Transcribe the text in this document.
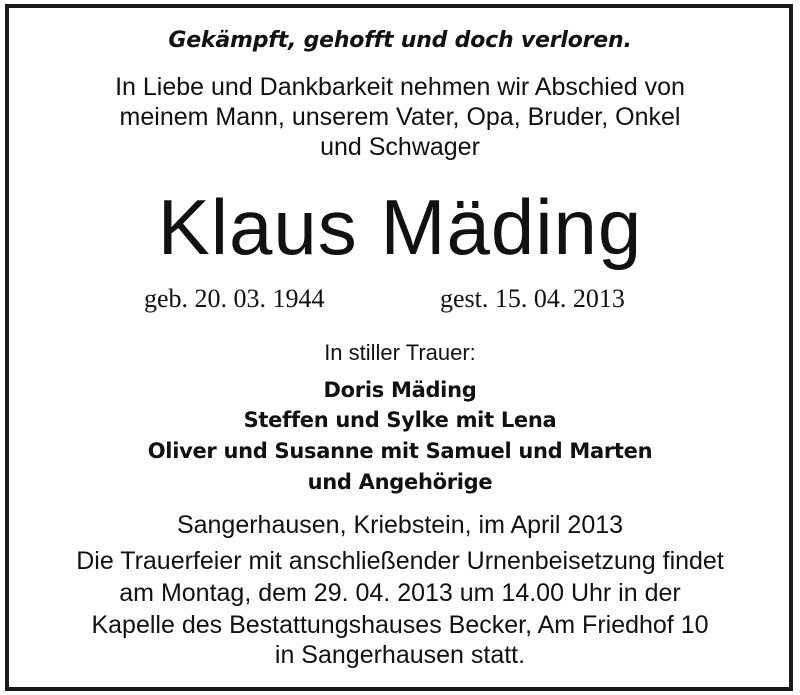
Gekämpft, gehofft und doch verloren.
In Liebe und Dankbarkeit nehmen wir Abschied von
meinem Mann, unserem Vater, Opa, Bruder, Onkel
und Schwager
Klaus Mäding
geb. 20. 03. 1944	gest. 15. 04. 2013
In stiller Trauer:
Doris Mäding
Steffen und Sylke mit Lena
Oliver und Susanne mit Samuel und Marten
und Angehörige
Sangerhausen, Kriebstein, im April 2013
Die Trauerfeier mit anschließender Urnenbeisetzung findet
am Montag, dem 29. 04. 2013 um 14.00 Uhr in der
Kapelle des Bestattungshauses Becker, Am Friedhof 10
in Sangerhausen statt.
